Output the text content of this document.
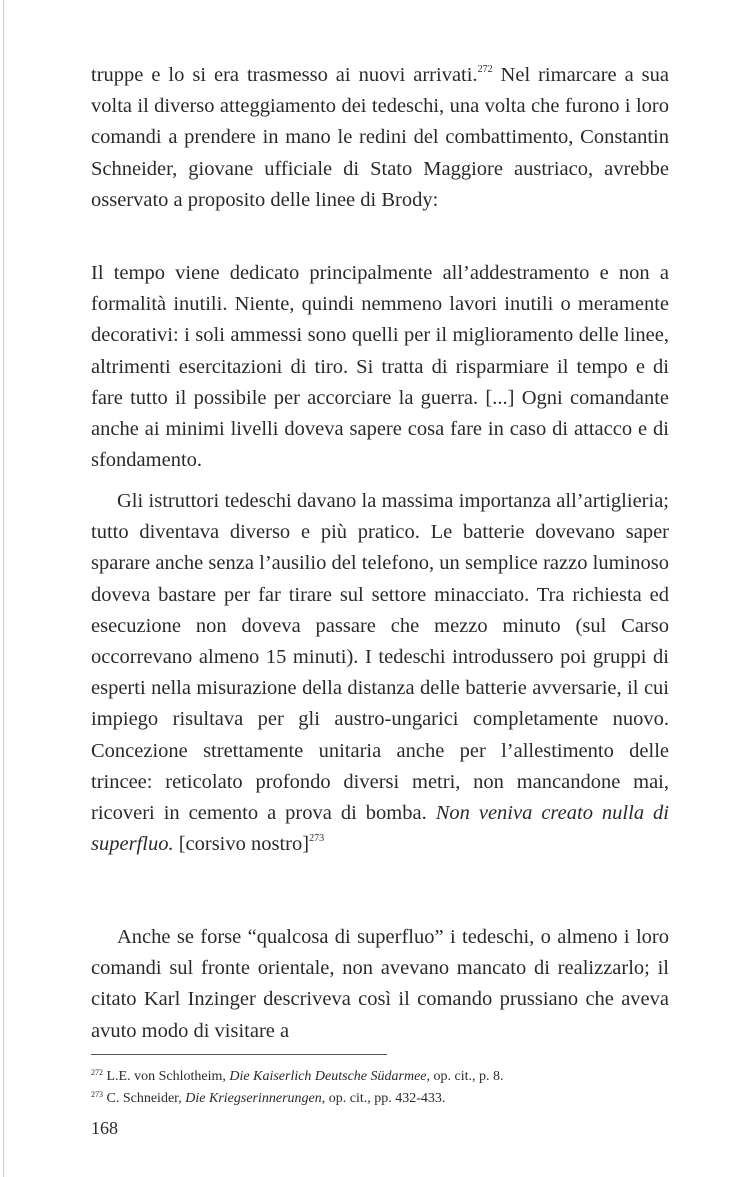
truppe e lo si era trasmesso ai nuovi arrivati.$^{272}$ Nel rimarcare a sua volta il diverso atteggiamento dei tedeschi, una volta che furono i loro comandi a prendere in mano le redini del combattimento, Constantin Schneider, giovane ufficiale di Stato Maggiore austriaco, avrebbe osservato a proposito delle linee di Brody:

Il tempo viene dedicato principalmente all’addestramento e non a formalità inutili. Niente, quindi nemmeno lavori inutili o meramente decorativi: i soli ammessi sono quelli per il miglioramento delle linee, altrimenti esercitazioni di tiro. Si tratta di risparmiare il tempo e di fare tutto il possibile per accorciare la guerra. [...] Ogni comandante anche ai minimi livelli doveva sapere cosa fare in caso di attacco e di sfondamento.

Gli istruttori tedeschi davano la massima importanza all’artiglieria; tutto diventava diverso e più pratico. Le batterie dovevano saper sparare anche senza l’ausilio del telefono, un semplice razzo luminoso doveva bastare per far tirare sul settore minacciato. Tra richiesta ed esecuzione non doveva passare che mezzo minuto (sul Carso occorrevano almeno 15 minuti). I tedeschi introdussero poi gruppi di esperti nella misurazione della distanza delle batterie avversarie, il cui impiego risultava per gli austro-ungarici completamente nuovo. Concezione strettamente unitaria anche per l’allestimento delle trincee: reticolato profondo diversi metri, non mancandone mai, ricoveri in cemento a prova di bomba. Non veniva creato nulla di superfluo. [corsivo nostro]$^{273}$

Anche se forse “qualcosa di superfluo” i tedeschi, o almeno i loro comandi sul fronte orientale, non avevano mancato di realizzarlo; il citato Karl Inzinger descriveva così il comando prussiano che aveva avuto modo di visitare a

$^{272}$ L.E. von Schlotheim, Die Kaiserlich Deutsche Südarmee, op. cit., p. 8.

$^{273}$ C. Schneider, Die Kriegserinnerungen, op. cit., pp. 432-433.

168
